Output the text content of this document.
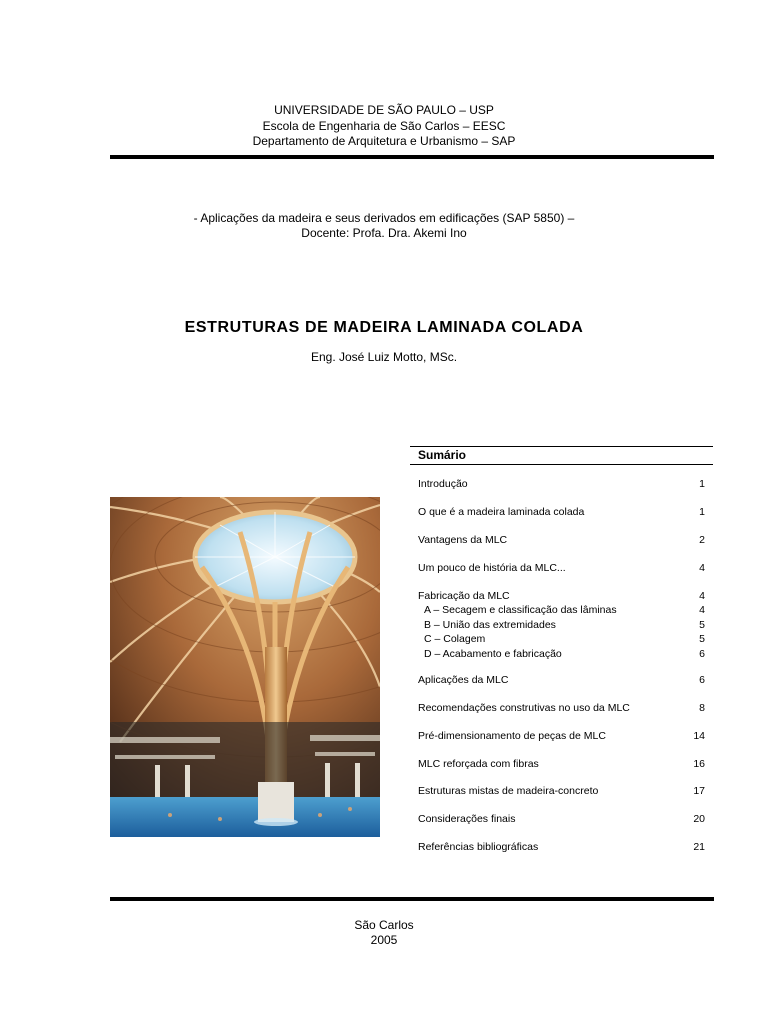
UNIVERSIDADE DE SÃO PAULO – USP
Escola de Engenharia de São Carlos – EESC
Departamento de Arquitetura e Urbanismo – SAP
- Aplicações da madeira e seus derivados em edificações (SAP 5850) –
Docente: Profa. Dra. Akemi Ino
ESTRUTURAS DE MADEIRA LAMINADA COLADA
Eng. José Luiz Motto, MSc.
Sumário
Introdução	1
O que é a madeira laminada colada	1
Vantagens da MLC	2
Um pouco de história da MLC...	4
Fabricação da MLC	4
A – Secagem e classificação das lâminas	4
B – União das extremidades	5
C – Colagem	5
D – Acabamento e fabricação	6
Aplicações da MLC	6
Recomendações construtivas no uso da MLC	8
Pré-dimensionamento de peças de MLC	14
MLC reforçada com fibras	16
Estruturas mistas de madeira-concreto	17
Considerações finais	20
Referências bibliográficas	21
São Carlos
2005
